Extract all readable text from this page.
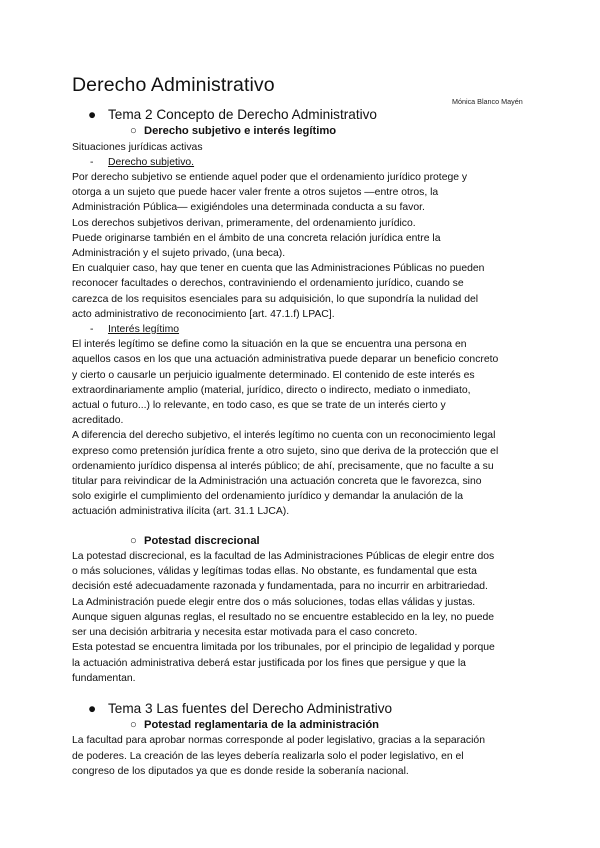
Derecho Administrativo
Mónica Blanco Mayén
● Tema 2 Concepto de Derecho Administrativo
○ Derecho subjetivo e interés legítimo

Situaciones jurídicas activas

- Derecho subjetivo.

Por derecho subjetivo se entiende aquel poder que el ordenamiento jurídico protege y

otorga a un sujeto que puede hacer valer frente a otros sujetos —entre otros, la

Administración Pública— exigiéndoles una determinada conducta a su favor.

Los derechos subjetivos derivan, primeramente, del ordenamiento jurídico.

Puede originarse también en el ámbito de una concreta relación jurídica entre la

Administración y el sujeto privado, (una beca).

En cualquier caso, hay que tener en cuenta que las Administraciones Públicas no pueden

reconocer facultades o derechos, contraviniendo el ordenamiento jurídico, cuando se

carezca de los requisitos esenciales para su adquisición, lo que supondría la nulidad del

acto administrativo de reconocimiento [art. 47.1.f) LPAC].

- Interés legítimo

El interés legítimo se define como la situación en la que se encuentra una persona en

aquellos casos en los que una actuación administrativa puede deparar un beneficio concreto

y cierto o causarle un perjuicio igualmente determinado. El contenido de este interés es

extraordinariamente amplio (material, jurídico, directo o indirecto, mediato o inmediato,

actual o futuro...) lo relevante, en todo caso, es que se trate de un interés cierto y

acreditado.

A diferencia del derecho subjetivo, el interés legítimo no cuenta con un reconocimiento legal

expreso como pretensión jurídica frente a otro sujeto, sino que deriva de la protección que el

ordenamiento jurídico dispensa al interés público; de ahí, precisamente, que no faculte a su

titular para reivindicar de la Administración una actuación concreta que le favorezca, sino

solo exigirle el cumplimiento del ordenamiento jurídico y demandar la anulación de la

actuación administrativa ilícita (art. 31.1 LJCA).

○ Potestad discrecional

La potestad discrecional, es la facultad de las Administraciones Públicas de elegir entre dos

o más soluciones, válidas y legítimas todas ellas. No obstante, es fundamental que esta

decisión esté adecuadamente razonada y fundamentada, para no incurrir en arbitrariedad.

La Administración puede elegir entre dos o más soluciones, todas ellas válidas y justas.

Aunque siguen algunas reglas, el resultado no se encuentre establecido en la ley, no puede

ser una decisión arbitraria y necesita estar motivada para el caso concreto.

Esta potestad se encuentra limitada por los tribunales, por el principio de legalidad y porque

la actuación administrativa deberá estar justificada por los fines que persigue y que la

fundamentan.

● Tema 3 Las fuentes del Derecho Administrativo
○ Potestad reglamentaria de la administración

La facultad para aprobar normas corresponde al poder legislativo, gracias a la separación

de poderes. La creación de las leyes debería realizarla solo el poder legislativo, en el

congreso de los diputados ya que es donde reside la soberanía nacional.
